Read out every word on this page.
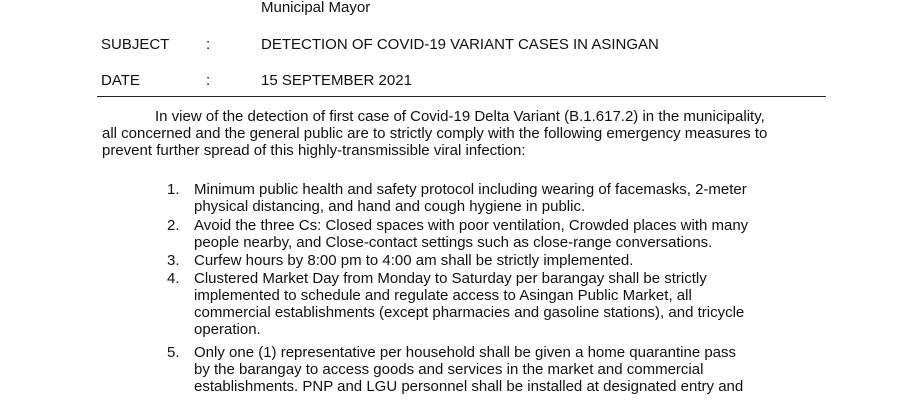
Municipal Mayor
SUBJECT :	DETECTION OF COVID-19 VARIANT CASES IN ASINGAN
DATE	:	15 SEPTEMBER 2021
In view of the detection of first case of Covid-19 Delta Variant (B.1.617.2) in the municipality,
all concerned and the general public are to strictly comply with the following emergency measures to
prevent further spread of this highly-transmissible viral infection:
1. Minimum public health and safety protocol including wearing of facemasks, 2-meter
physical distancing, and hand and cough hygiene in public.
2. Avoid the three Cs: Closed spaces with poor ventilation, Crowded places with many
people nearby, and Close-contact settings such as close-range conversations.
3. Curfew hours by 8:00 pm to 4:00 am shall be strictly implemented.
4. Clustered Market Day from Monday to Saturday per barangay shall be strictly
implemented to schedule and regulate access to Asingan Public Market, all
commercial establishments (except pharmacies and gasoline stations), and tricycle
operation.
5. Only one (1) representative per household shall be given a home quarantine pass
by the barangay to access goods and services in the market and commercial
establishments. PNP and LGU personnel shall be installed at designated entry and
